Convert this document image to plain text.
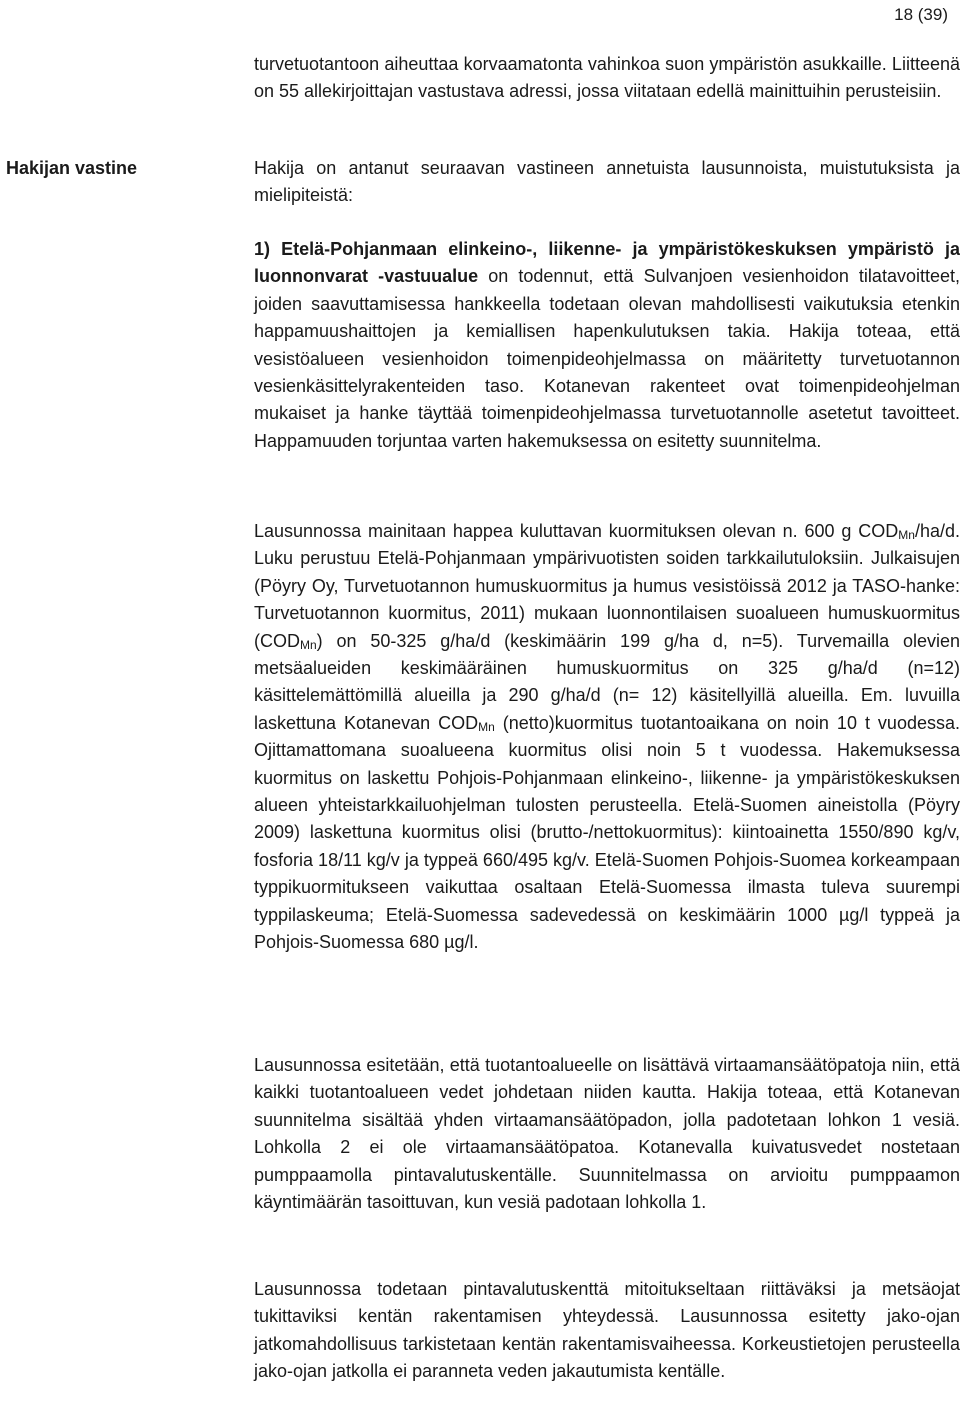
18 (39)

turvetuotantoon aiheuttaa korvaamatonta vahinkoa suon ympäristön asukkaille. Liitteenä on 55 allekirjoittajan vastustava adressi, jossa viitataan edellä mainittuihin perusteisiin.

Hakijan vastine	Hakija on antanut seuraavan vastineen annetuista lausunnoista, muistutuksista ja mielipiteistä:

1) Etelä-Pohjanmaan elinkeino-, liikenne- ja ympäristökeskuksen ympäristö ja luonnonvarat -vastuualue on todennut, että Sulvanjoen vesienhoidon tilatavoitteet, joiden saavuttamisessa hankkeella todetaan olevan mahdollisesti vaikutuksia etenkin happamuushaittojen ja kemiallisen hapenkulutuksen takia. Hakija toteaa, että vesistöalueen vesienhoidon toimenpideohjelmassa on määritetty turvetuotannon vesienkäsittelyrakenteiden taso. Kotanevan rakenteet ovat toimenpideohjelman mukaiset ja hanke täyttää toimenpideohjelmassa turvetuotannolle asetetut tavoitteet. Happamuuden torjuntaa varten hakemuksessa on esitetty suunnitelma.

Lausunnossa mainitaan happea kuluttavan kuormituksen olevan n. 600 g $COD_{Mn}/ha/d$. Luku perustuu Etelä-Pohjanmaan ympärivuotisten soiden tarkkailutuloksiin. Julkaisujen (Pöyry Oy, Turvetuotannon humuskuormitus ja humus vesistöissä 2012 ja TASO-hanke: Turvetuotannon kuormitus, 2011) mukaan luonnontilaisen suoalueen humuskuormitus $(COD_{Mn})$ on 50-325 g/ha/d (keskimäärin 199 g/ha d, n=5). Turvemailla olevien metsäalueiden keskimääräinen humuskuormitus on 325 g/ha/d (n=12) käsittelemättömillä alueilla ja 290 g/ha/d (n= 12) käsitellyillä alueilla. Em. luvuilla laskettuna Kotanevan $COD_{Mn}$ (netto)kuormitus tuotantoaikana on noin 10 t vuodessa. Ojittamattomana suoalueena kuormitus olisi noin 5 t vuodessa. Hakemuksessa kuormitus on laskettu Pohjois-Pohjanmaan elinkeino-, liikenne- ja ympäristökeskuksen alueen yhteistarkkailuohjelman tulosten perusteella. Etelä-Suomen aineistolla (Pöyry 2009) laskettuna kuormitus olisi (brutto-/nettokuormitus): kiintoainetta 1550/890 kg/v, fosforia 18/11 kg/v ja typpeä 660/495 kg/v. Etelä-Suomen Pohjois-Suomea korkeampaan typpikuormitukseen vaikuttaa osaltaan Etelä-Suomessa ilmasta tuleva suurempi typpilaskeuma; Etelä-Suomessa sadevedessä on keskimäärin 1000 µg/l typpeä ja Pohjois-Suomessa 680 µg/l.

Lausunnossa esitetään, että tuotantoalueelle on lisättävä virtaamansäätöpatoja niin, että kaikki tuotantoalueen vedet johdetaan niiden kautta. Hakija toteaa, että Kotanevan suunnitelma sisältää yhden virtaamansäätöpadon, jolla padotetaan lohkon 1 vesiä. Lohkolla 2 ei ole virtaamansäätöpatoa. Kotanevalla kuivatusvedet nostetaan pumppaamolla pintavalutuskentälle. Suunnitelmassa on arvioitu pumppaamon käyntimäärän tasoittuvan, kun vesiä padotaan lohkolla 1.

Lausunnossa todetaan pintavalutuskenttä mitoitukseltaan riittäväksi ja metsäojat tukittaviksi kentän rakentamisen yhteydessä. Lausunnossa esitetty jako-ojan jatkomahdollisuus tarkistetaan kentän rakentamisvaiheessa. Korkeustietojen perusteella jako-ojan jatkolla ei paranneta veden jakautumista kentälle.
